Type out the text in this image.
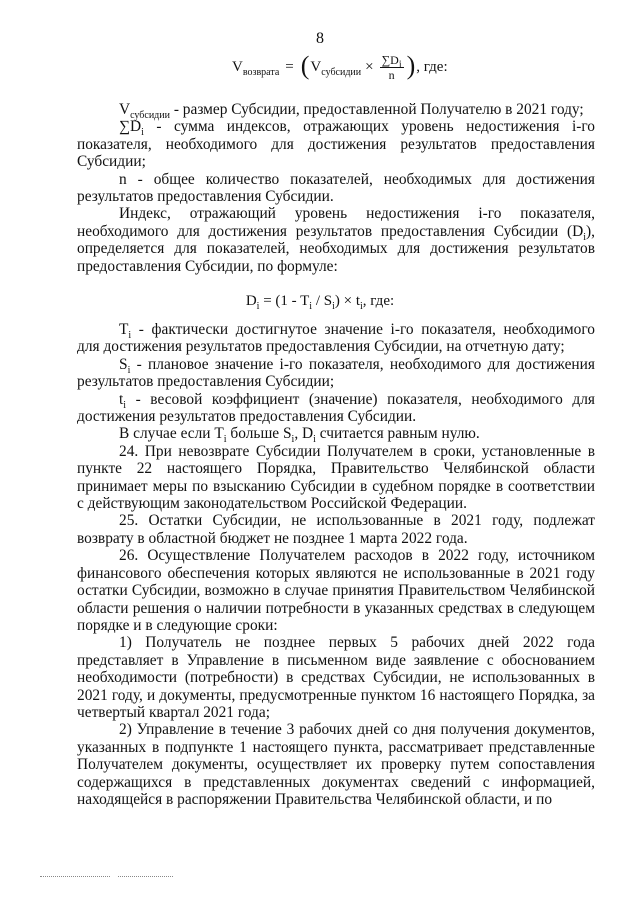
8
$V_{возврата}$ = ( $V_{субсидии} \times \frac{\sum D_i}{n}$ ) , где:

$V_{субсидии}$ - размер Субсидии, предоставленной Получателю в 2021 году;

$\sum D_i$ - сумма индексов, отражающих уровень недостижения i-го показателя, необходимого для достижения результатов предоставления Субсидии;

n - общее количество показателей, необходимых для достижения результатов предоставления Субсидии.

Индекс, отражающий уровень недостижения i-го показателя, необходимого для достижения результатов предоставления Субсидии $(D_i)$, определяется для показателей, необходимых для достижения результатов предоставления Субсидии, по формуле:

$D_i = (1 - T_i / S_i) \times t_i$, где:

$T_i$ - фактически достигнутое значение i-го показателя, необходимого для достижения результатов предоставления Субсидии, на отчетную дату;

$S_i$ - плановое значение i-го показателя, необходимого для достижения результатов предоставления Субсидии;

$t_i$ - весовой коэффициент (значение) показателя, необходимого для достижения результатов предоставления Субсидии.

В случае если $T_i$ больше $S_i$, $D_i$ считается равным нулю.

24. При невозврате Субсидии Получателем в сроки, установленные в пункте 22 настоящего Порядка, Правительство Челябинской области принимает меры по взысканию Субсидии в судебном порядке в соответствии с действующим законодательством Российской Федерации.

25. Остатки Субсидии, не использованные в 2021 году, подлежат возврату в областной бюджет не позднее 1 марта 2022 года.

26. Осуществление Получателем расходов в 2022 году, источником финансового обеспечения которых являются не использованные в 2021 году остатки Субсидии, возможно в случае принятия Правительством Челябинской области решения о наличии потребности в указанных средствах в следующем порядке и в следующие сроки:

1) Получатель не позднее первых 5 рабочих дней 2022 года представляет в Управление в письменном виде заявление с обоснованием необходимости (потребности) в средствах Субсидии, не использованных в 2021 году, и документы, предусмотренные пунктом 16 настоящего Порядка, за четвертый квартал 2021 года;

2) Управление в течение 3 рабочих дней со дня получения документов, указанных в подпункте 1 настоящего пункта, рассматривает представленные Получателем документы, осуществляет их проверку путем сопоставления содержащихся в представленных документах сведений с информацией, находящейся в распоряжении Правительства Челябинской области, и по
